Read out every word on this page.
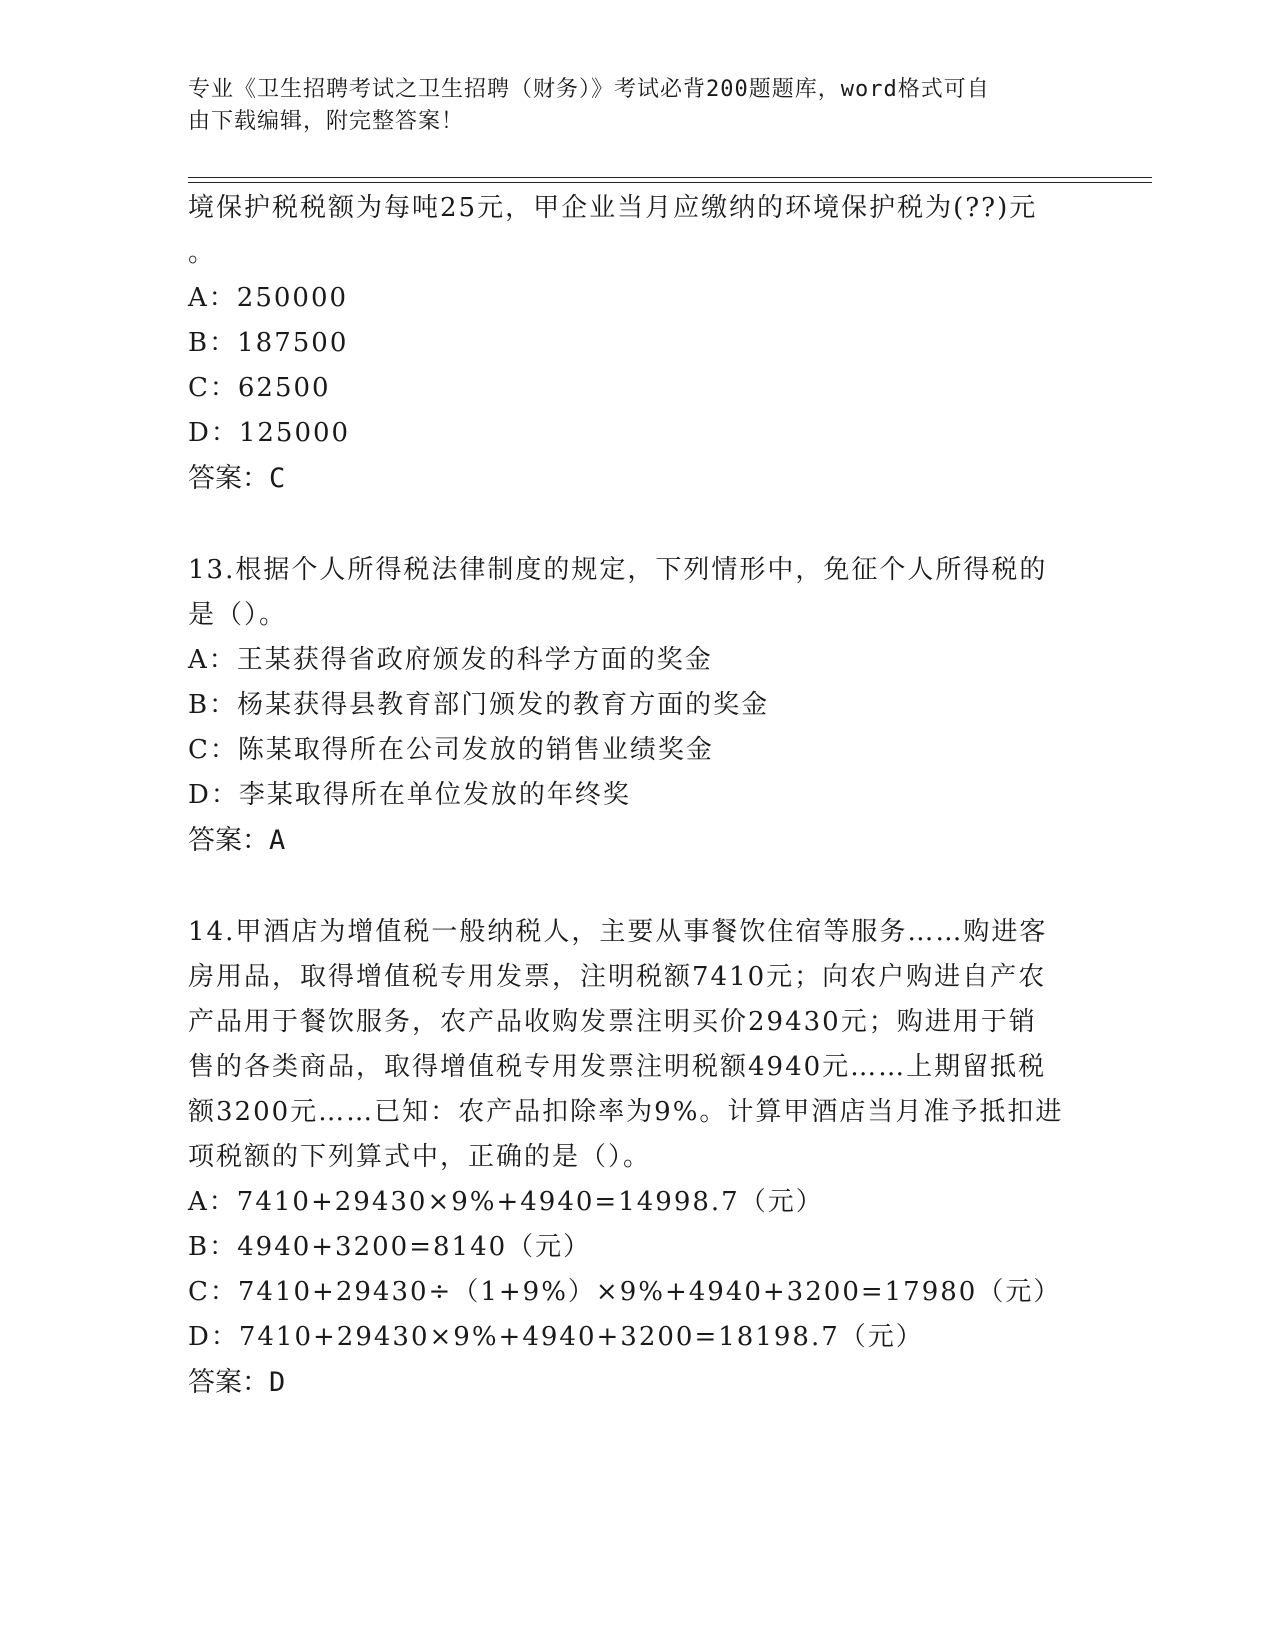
专业《卫生招聘考试之卫生招聘（财务）》考试必背200题题库，word格式可自
由下载编辑，附完整答案！
境保护税税额为每吨25元，甲企业当月应缴纳的环境保护税为(??)元
。
A：250000
B：187500
C：62500
D：125000
答案：C
13.根据个人所得税法律制度的规定，下列情形中，免征个人所得税的
是（）。
A：王某获得省政府颁发的科学方面的奖金
B：杨某获得县教育部门颁发的教育方面的奖金
C：陈某取得所在公司发放的销售业绩奖金
D：李某取得所在单位发放的年终奖
答案：A
14.甲酒店为增值税一般纳税人，主要从事餐饮住宿等服务……购进客
房用品，取得增值税专用发票，注明税额7410元；向农户购进自产农
产品用于餐饮服务，农产品收购发票注明买价29430元；购进用于销
售的各类商品，取得增值税专用发票注明税额4940元……上期留抵税
额3200元……已知：农产品扣除率为9%。计算甲酒店当月准予抵扣进
项税额的下列算式中，正确的是（）。
A：7410+29430×9%+4940=14998.7（元）
B：4940+3200=8140（元）
C：7410+29430÷（1+9%）×9%+4940+3200=17980（元）
D：7410+29430×9%+4940+3200=18198.7（元）
答案：D
